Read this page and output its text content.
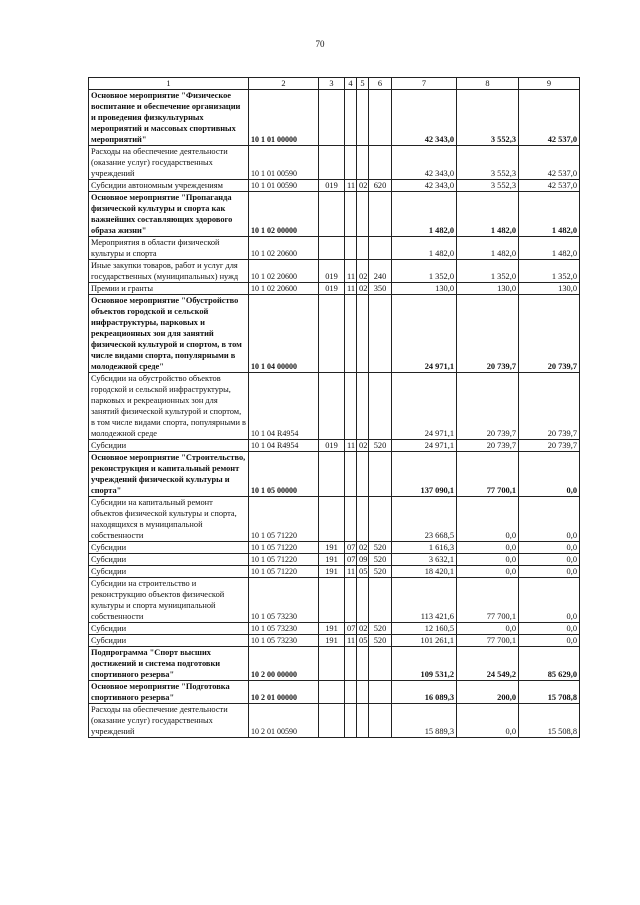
70
1	2	3	4	5	6	7	8	9
Основное мероприятие "Физическое воспитание и обеспечение организации и проведения физкультурных мероприятий и массовых спортивных мероприятий"	10 1 01 00000					42 343,0	3 552,3	42 537,0
Расходы на обеспечение деятельности (оказание услуг) государственных учреждений	10 1 01 00590					42 343,0	3 552,3	42 537,0
Субсидии автономным учреждениям	10 1 01 00590	019	11	02	620	42 343,0	3 552,3	42 537,0
Основное мероприятие "Пропаганда физической культуры и спорта как важнейших составляющих здорового образа жизни"	10 1 02 00000					1 482,0	1 482,0	1 482,0
Мероприятия в области физической культуры и спорта	10 1 02 20600					1 482,0	1 482,0	1 482,0
Иные закупки товаров, работ и услуг для государственных (муниципальных) нужд	10 1 02 20600	019	11	02	240	1 352,0	1 352,0	1 352,0
Премии и гранты	10 1 02 20600	019	11	02	350	130,0	130,0	130,0
Основное мероприятие "Обустройство объектов городской и сельской инфраструктуры, парковых и рекреационных зон для занятий физической культурой и спортом, в том числе видами спорта, популярными в молодежной среде"	10 1 04 00000					24 971,1	20 739,7	20 739,7
Субсидии на обустройство объектов городской и сельской инфраструктуры, парковых и рекреационных зон для занятий физической культурой и спортом, в том числе видами спорта, популярными в молодежной среде	10 1 04 R4954					24 971,1	20 739,7	20 739,7
Субсидии	10 1 04 R4954	019	11	02	520	24 971,1	20 739,7	20 739,7
Основное мероприятие "Строительство, реконструкция и капитальный ремонт учреждений физической культуры и спорта"	10 1 05 00000					137 090,1	77 700,1	0,0
Субсидии на капитальный ремонт объектов физической культуры и спорта, находящихся в муниципальной собственности	10 1 05 71220					23 668,5	0,0	0,0
Субсидии	10 1 05 71220	191	07	02	520	1 616,3	0,0	0,0
Субсидии	10 1 05 71220	191	07	09	520	3 632,1	0,0	0,0
Субсидии	10 1 05 71220	191	11	05	520	18 420,1	0,0	0,0
Субсидии на строительство и реконструкцию объектов физической культуры и спорта муниципальной собственности	10 1 05 73230					113 421,6	77 700,1	0,0
Субсидии	10 1 05 73230	191	07	02	520	12 160,5	0,0	0,0
Субсидии	10 1 05 73230	191	11	05	520	101 261,1	77 700,1	0,0
Подпрограмма "Спорт высших достижений и система подготовки спортивного резерва"	10 2 00 00000					109 531,2	24 549,2	85 629,0
Основное мероприятие "Подготовка спортивного резерва"	10 2 01 00000					16 089,3	200,0	15 708,8
Расходы на обеспечение деятельности (оказание услуг) государственных учреждений	10 2 01 00590					15 889,3	0,0	15 508,8
